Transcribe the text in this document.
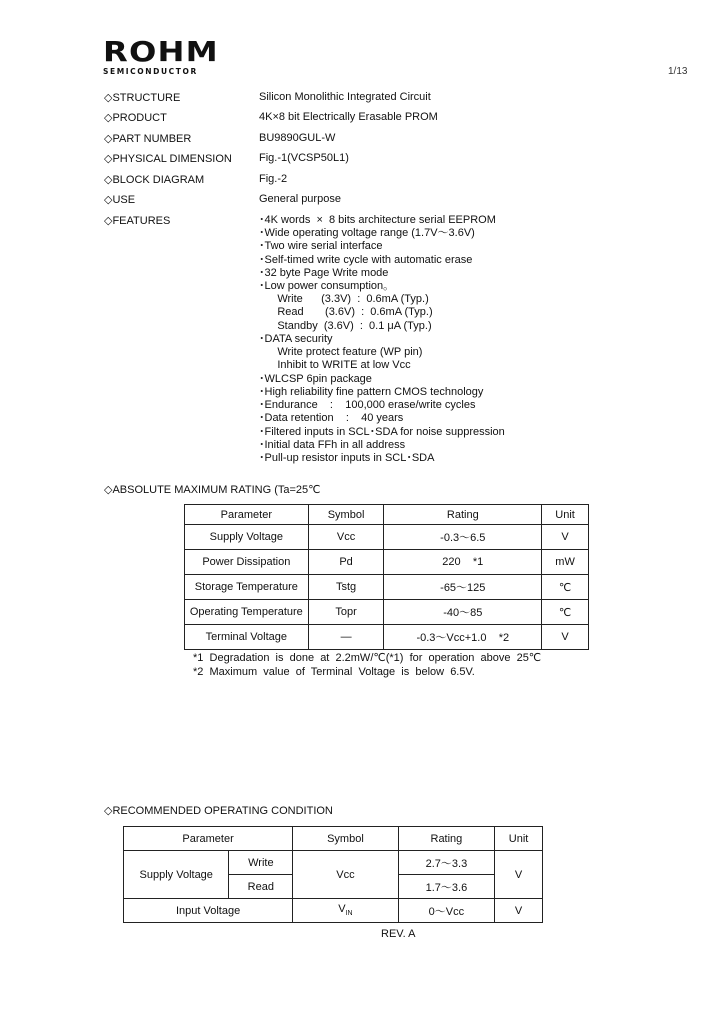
ROHM
SEMICONDUCTOR	1/13
◇STRUCTURE	Silicon Monolithic Integrated Circuit
◇PRODUCT	4K×8 bit Electrically Erasable PROM
◇PART NUMBER	BU9890GUL-W
◇PHYSICAL DIMENSION Fig.-1(VCSP50L1)
◇BLOCK DIAGRAM	Fig.-2
◇USE	General purpose
◇FEATURES	･4K words  ×  8 bits architecture serial EEPROM
･Wide operating voltage range (1.7V～3.6V)
･Two wire serial interface
･Self-timed write cycle with automatic erase
･32 byte Page Write mode
･Low power consumption。
Write      (3.3V)  :  0.6mA (Typ.)
Read       (3.6V)  :  0.6mA (Typ.)
Standby  (3.6V)  :  0.1 μA (Typ.)
･DATA security
Write protect feature (WP pin)
Inhibit to WRITE at low Vcc
･WLCSP 6pin package
･High reliability fine pattern CMOS technology
･Endurance    :    100,000 erase/write cycles
･Data retention    :    40 years
･Filtered inputs in SCL･SDA for noise suppression
･Initial data FFh in all address
･Pull-up resistor inputs in SCL･SDA
◇ABSOLUTE MAXIMUM RATING (Ta=25℃
Parameter	Symbol	Rating	Unit
Supply Voltage	Vcc	-0.3～6.5	V
Power Dissipation	Pd	220    *1	mW
Storage Temperature	Tstg	-65～125	℃
Operating Temperature	Topr	-40～85	℃
Terminal Voltage	―	-0.3～Vcc+1.0    *2	V
*1  Degradation  is  done  at  2.2mW/℃(*1)  for  operation  above  25℃
*2  Maximum  value  of  Terminal  Voltage  is  below  6.5V.
◇RECOMMENDED OPERATING CONDITION
Parameter		Symbol	Rating	Unit
Supply Voltage	Write	Vcc	2.7～3.3	V
	Read		1.7～3.6	
Input Voltage		$V_{IN}$	0～Vcc	V
REV. A
